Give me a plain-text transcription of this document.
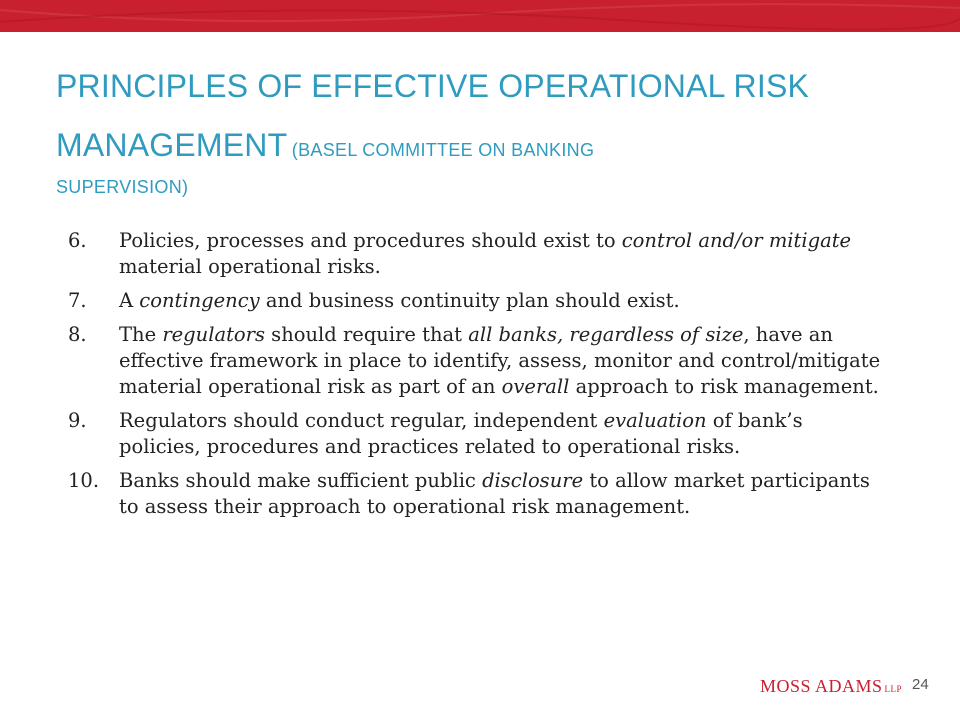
PRINCIPLES OF EFFECTIVE OPERATIONAL RISK MANAGEMENT (BASEL COMMITTEE ON BANKING
SUPERVISION)
6.	Policies, processes and procedures should exist to control and/or mitigate material operational risks.
7.	A contingency and business continuity plan should exist.
8.	The regulators should require that all banks, regardless of size, have an effective framework in place to identify, assess, monitor and control/mitigate material operational risk as part of an overall approach to risk management.
9.	Regulators should conduct regular, independent evaluation of bank’s policies, procedures and practices related to operational risks.
10.	Banks should make sufficient public disclosure to allow market participants to assess their approach to operational risk management.
MOSS ADAMS LLP 24
